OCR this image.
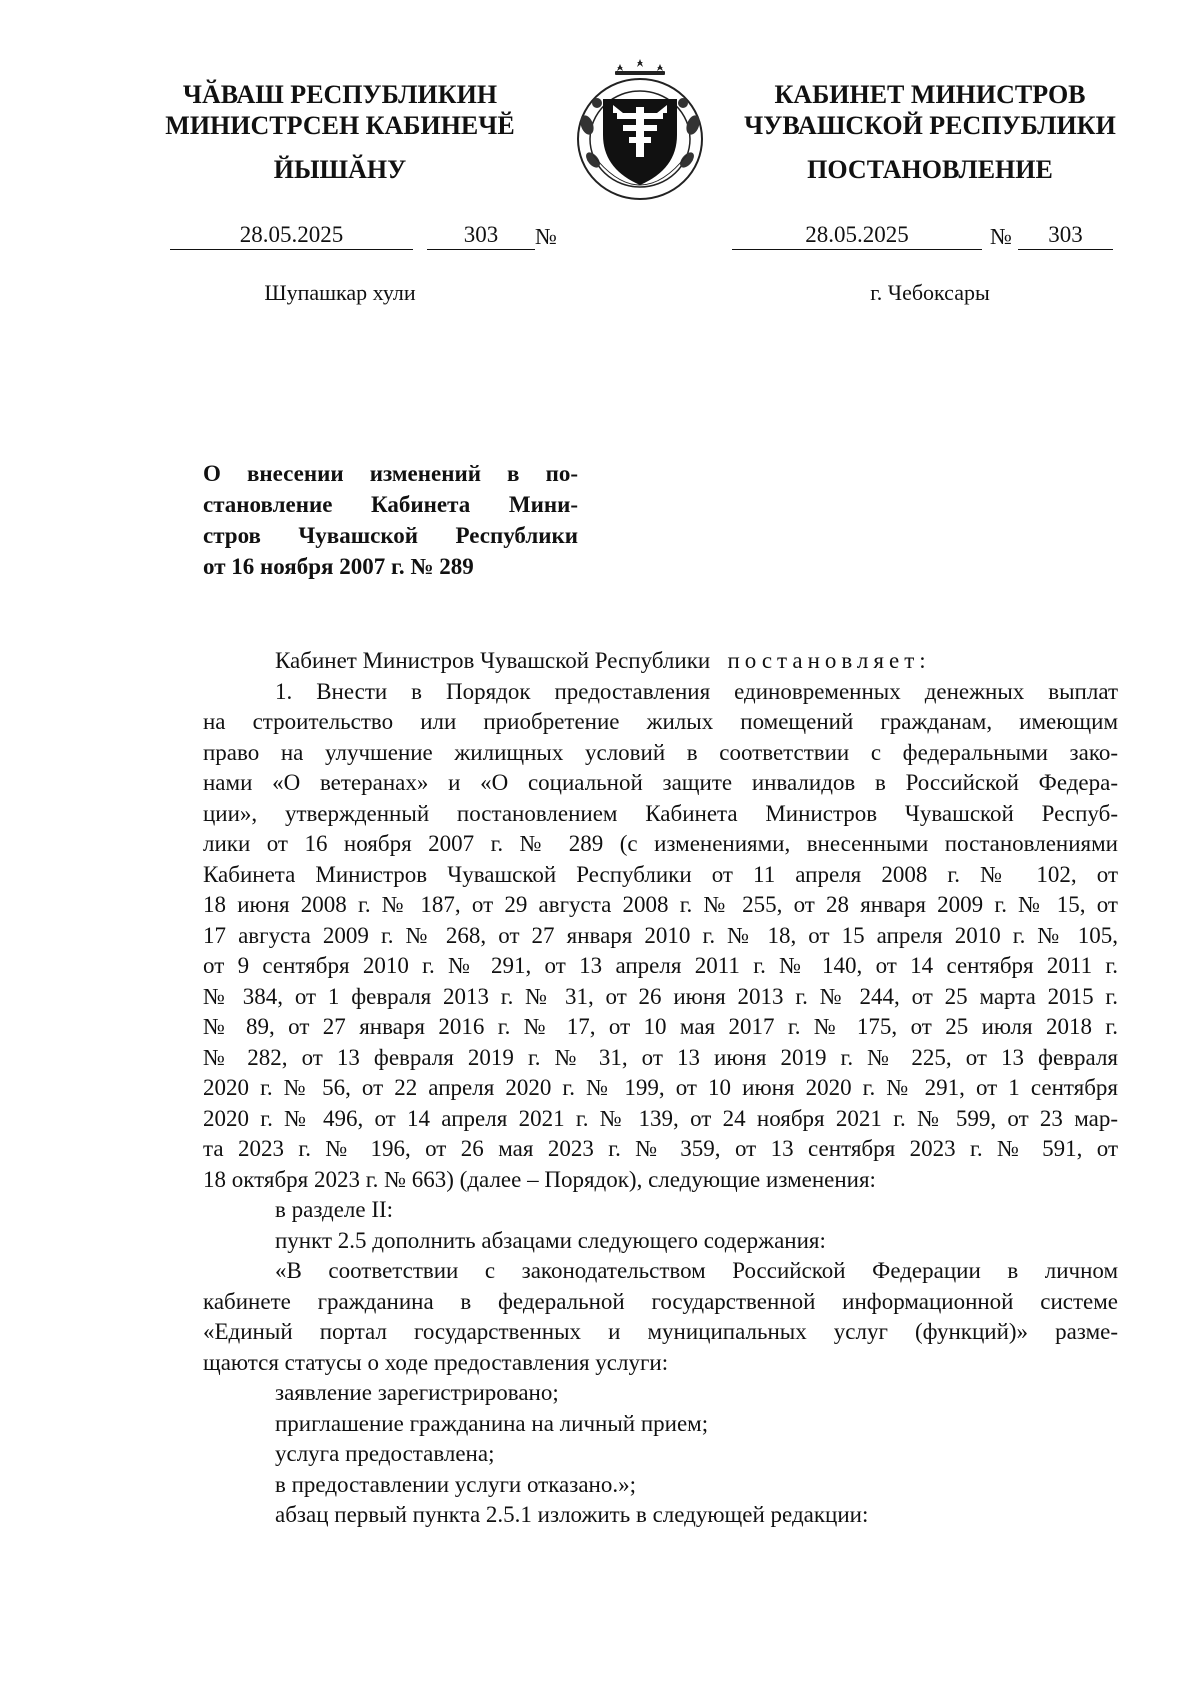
ЧӐВАШ РЕСПУБЛИКИН
МИНИСТРСЕН КАБИНЕЧӖ
КАБИНЕТ МИНИСТРОВ
ЧУВАШСКОЙ РЕСПУБЛИКИ
ЙЫШӐНУ	ПОСТАНОВЛЕНИЕ
28.05.2025	303	№	28.05.2025	№	303
Шупашкар хули	г. Чебоксары
О внесении изменений в по-
становление Кабинета Мини-
стров Чувашской Республики
от 16 ноября 2007 г. № 289

Кабинет Министров Чувашской Республики постановляет:

1. Внести в Порядок предоставления единовременных денежных выплат
на строительство или приобретение жилых помещений гражданам, имеющим
право на улучшение жилищных условий в соответствии с федеральными зако-
нами «О ветеранах» и «О социальной защите инвалидов в Российской Федера-
ции», утвержденный постановлением Кабинета Министров Чувашской Респуб-
лики от 16 ноября 2007 г. № 289 (с изменениями, внесенными постановлениями
Кабинета Министров Чувашской Республики от 11 апреля 2008 г. № 102, от
18 июня 2008 г. № 187, от 29 августа 2008 г. № 255, от 28 января 2009 г. № 15, от
17 августа 2009 г. № 268, от 27 января 2010 г. № 18, от 15 апреля 2010 г. № 105,
от 9 сентября 2010 г. № 291, от 13 апреля 2011 г. № 140, от 14 сентября 2011 г.
№ 384, от 1 февраля 2013 г. № 31, от 26 июня 2013 г. № 244, от 25 марта 2015 г.
№ 89, от 27 января 2016 г. № 17, от 10 мая 2017 г. № 175, от 25 июля 2018 г.
№ 282, от 13 февраля 2019 г. № 31, от 13 июня 2019 г. № 225, от 13 февраля
2020 г. № 56, от 22 апреля 2020 г. № 199, от 10 июня 2020 г. № 291, от 1 сентября
2020 г. № 496, от 14 апреля 2021 г. № 139, от 24 ноября 2021 г. № 599, от 23 мар-
та 2023 г. № 196, от 26 мая 2023 г. № 359, от 13 сентября 2023 г. № 591, от
18 октября 2023 г. № 663) (далее – Порядок), следующие изменения:

в разделе II:

пункт 2.5 дополнить абзацами следующего содержания:

«В соответствии с законодательством Российской Федерации в личном
кабинете гражданина в федеральной государственной информационной системе
«Единый портал государственных и муниципальных услуг (функций)» разме-
щаются статусы о ходе предоставления услуги:

заявление зарегистрировано;

приглашение гражданина на личный прием;

услуга предоставлена;

в предоставлении услуги отказано.»;

абзац первый пункта 2.5.1 изложить в следующей редакции:
